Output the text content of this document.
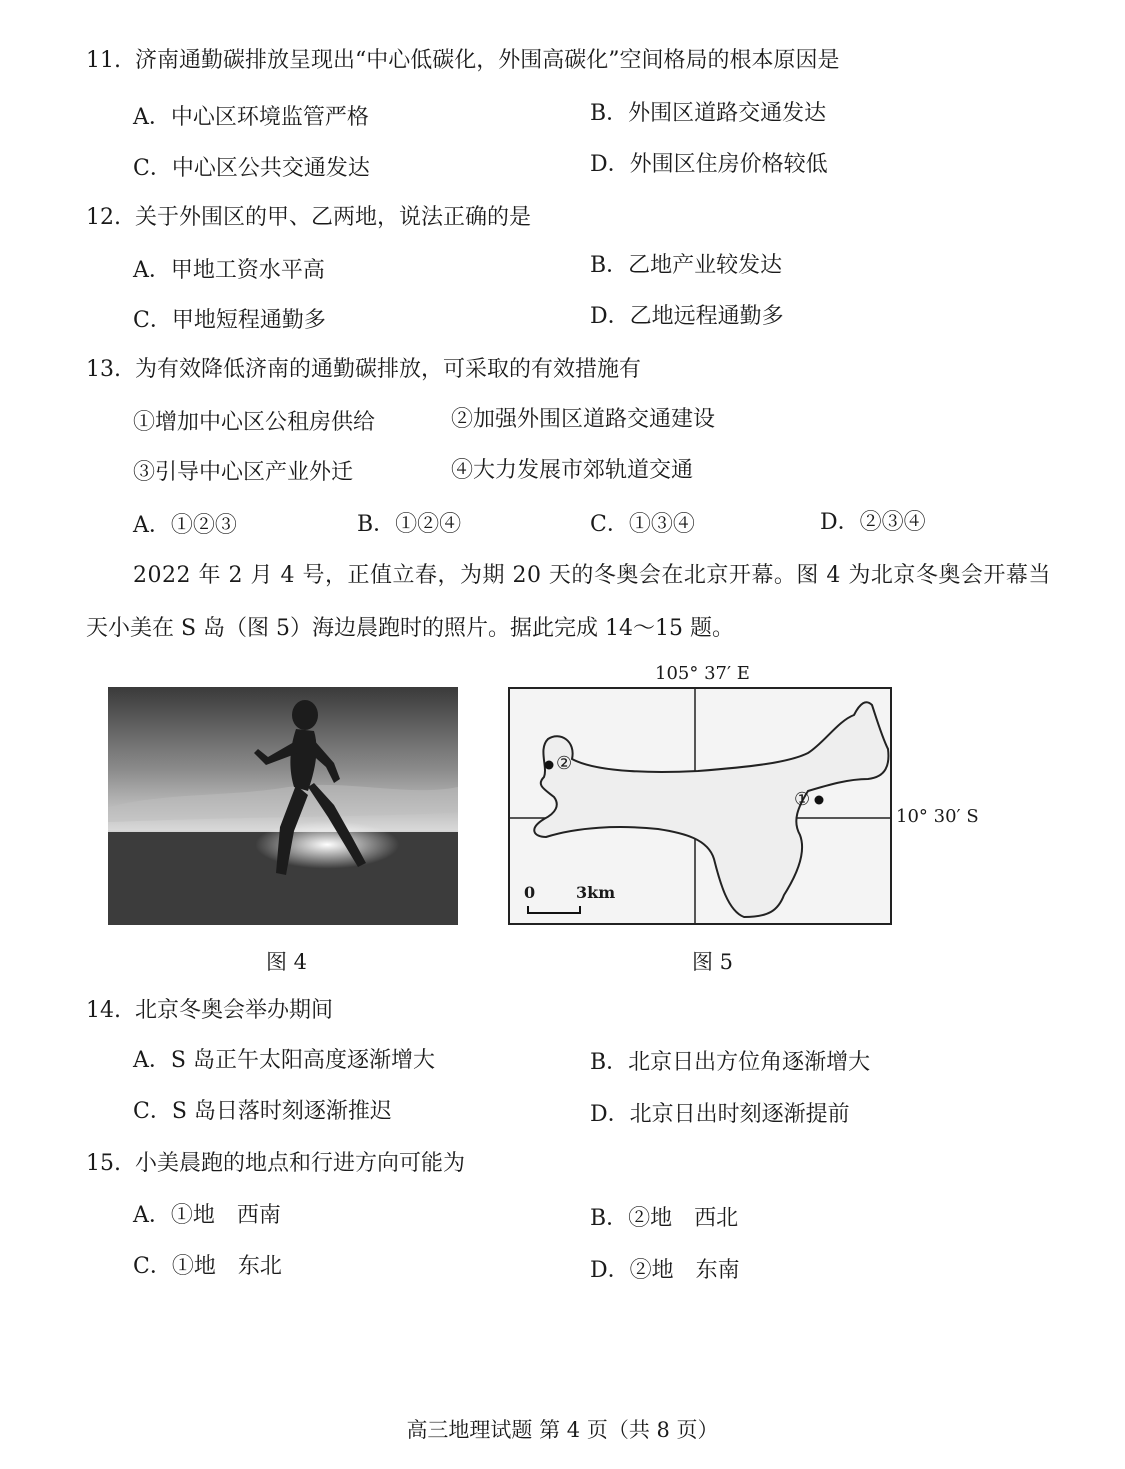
11. 济南通勤碳排放呈现出“中心低碳化，外围高碳化”空间格局的根本原因是
A．中心区环境监管严格	B．外围区道路交通发达
C．中心区公共交通发达	D．外围区住房价格较低
12. 关于外围区的甲、乙两地，说法正确的是
A．甲地工资水平高	B．乙地产业较发达
C．甲地短程通勤多	D．乙地远程通勤多
13. 为有效降低济南的通勤碳排放，可采取的有效措施有
①增加中心区公租房供给	②加强外围区道路交通建设
③引导中心区产业外迁	④大力发展市郊轨道交通
A．①②③	B．①②④	C．①③④	D．②③④
2022 年 2 月 4 号，正值立春，为期 20 天的冬奥会在北京开幕。图 4 为北京冬奥会开幕当
天小美在 S 岛（图 5）海边晨跑时的照片。据此完成 14～15 题。
图 4
105° 37′ E
②
①
0	3km
10° 30′ S
图 5
14. 北京冬奥会举办期间
A．S 岛正午太阳高度逐渐增大	B．北京日出方位角逐渐增大
C．S 岛日落时刻逐渐推迟	D．北京日出时刻逐渐提前
15. 小美晨跑的地点和行进方向可能为
A．①地　西南	B．②地　西北
C．①地　东北	D．②地　东南
高三地理试题 第 4 页（共 8 页）
